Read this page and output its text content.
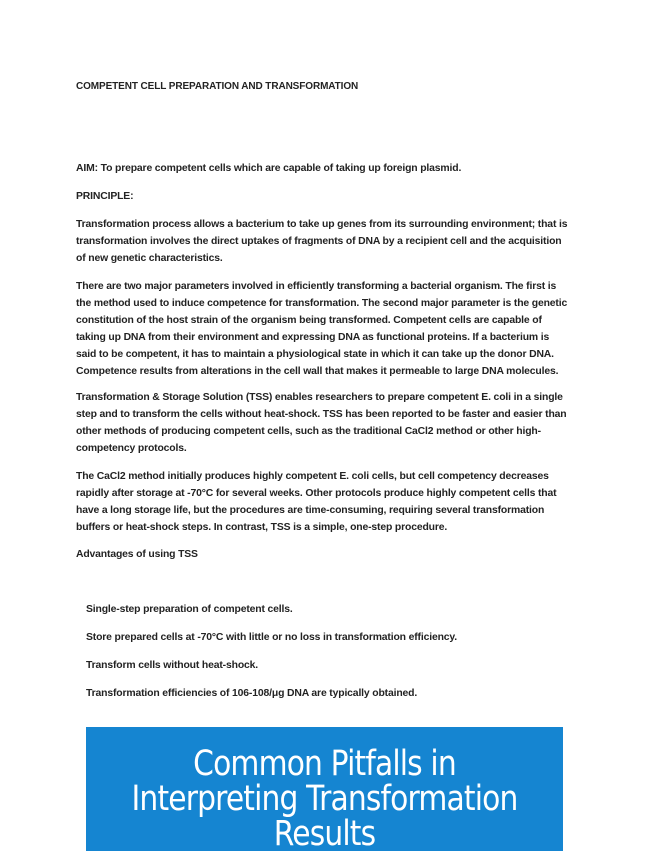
COMPETENT CELL PREPARATION AND TRANSFORMATION

AIM: To prepare competent cells which are capable of taking up foreign plasmid.

PRINCIPLE:

Transformation process allows a bacterium to take up genes from its surrounding environment; that is transformation involves the direct uptakes of fragments of DNA by a recipient cell and the acquisition of new genetic characteristics.

There are two major parameters involved in efficiently transforming a bacterial organism. The first is the method used to induce competence for transformation. The second major parameter is the genetic constitution of the host strain of the organism being transformed. Competent cells are capable of taking up DNA from their environment and expressing DNA as functional proteins. If a bacterium is said to be competent, it has to maintain a physiological state in which it can take up the donor DNA. Competence results from alterations in the cell wall that makes it permeable to large DNA molecules.

Transformation & Storage Solution (TSS) enables researchers to prepare competent E. coli in a single step and to transform the cells without heat-shock. TSS has been reported to be faster and easier than other methods of producing competent cells, such as the traditional CaCl2 method or other high-competency protocols.

The CaCl2 method initially produces highly competent E. coli cells, but cell competency decreases rapidly after storage at -70°C for several weeks. Other protocols produce highly competent cells that have a long storage life, but the procedures are time-consuming, requiring several transformation buffers or heat-shock steps. In contrast, TSS is a simple, one-step procedure.

Advantages of using TSS

Single-step preparation of competent cells.
Store prepared cells at -70°C with little or no loss in transformation efficiency.
Transform cells without heat-shock.
Transformation efficiencies of 106-108/μg DNA are typically obtained.
Common Pitfalls in Interpreting Transformation Results
